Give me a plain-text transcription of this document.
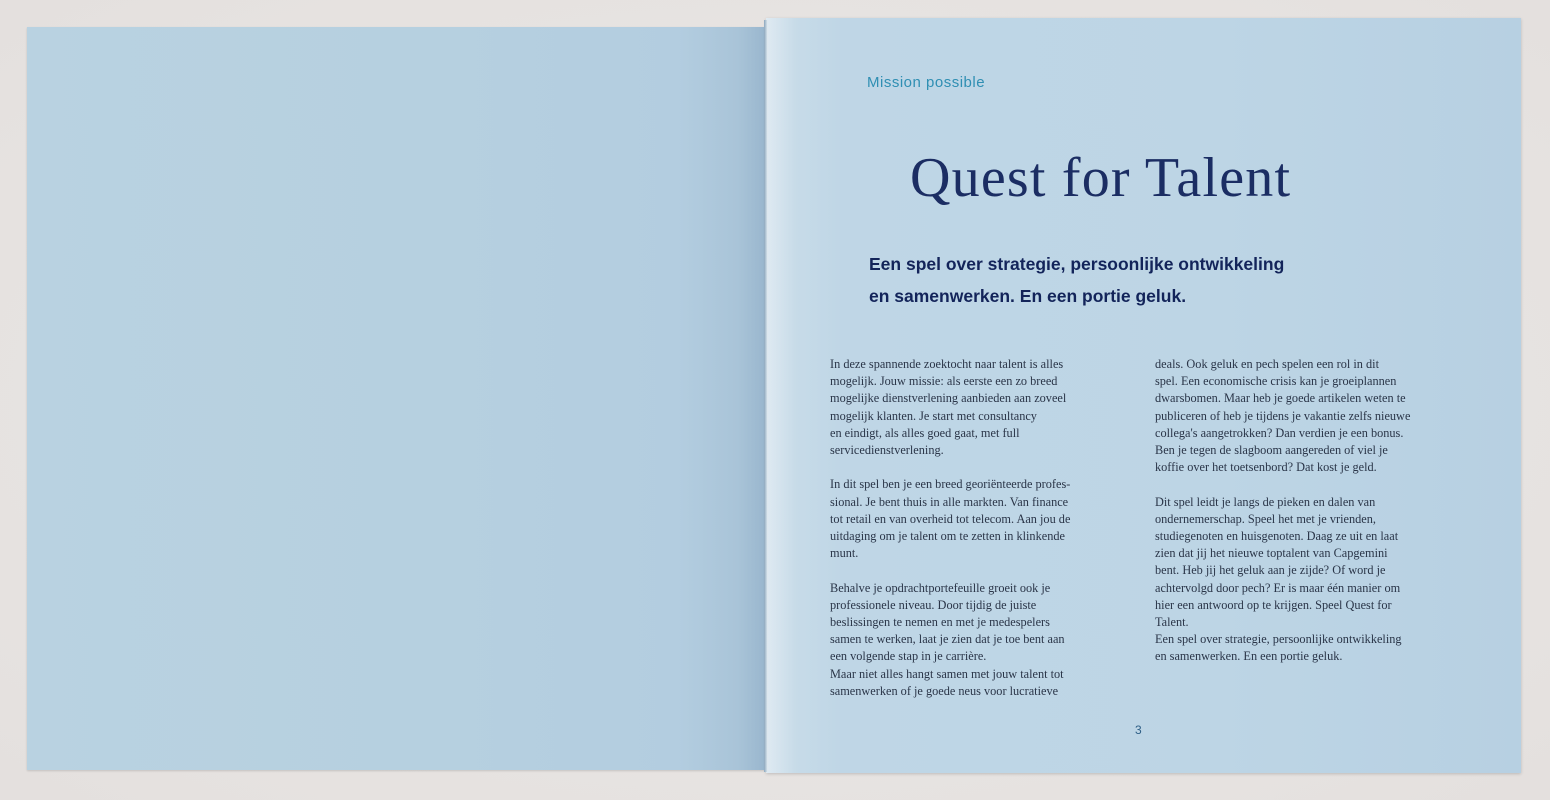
Mission possible
Quest for Talent
Een spel over strategie, persoonlijke ontwikkeling
en samenwerken. En een portie geluk.
In deze spannende zoektocht naar talent is alles
mogelijk. Jouw missie: als eerste een zo breed
mogelijke dienstverlening aanbieden aan zoveel
mogelijk klanten. Je start met consultancy
en eindigt, als alles goed gaat, met full
servicedienstverlening.
In dit spel ben je een breed georiënteerde profes-
sional. Je bent thuis in alle markten. Van finance
tot retail en van overheid tot telecom. Aan jou de
uitdaging om je talent om te zetten in klinkende
munt.
Behalve je opdrachtportefeuille groeit ook je
professionele niveau. Door tijdig de juiste
beslissingen te nemen en met je medespelers
samen te werken, laat je zien dat je toe bent aan
een volgende stap in je carrière.
Maar niet alles hangt samen met jouw talent tot
samenwerken of je goede neus voor lucratieve
deals. Ook geluk en pech spelen een rol in dit
spel. Een economische crisis kan je groeiplannen
dwarsbomen. Maar heb je goede artikelen weten te
publiceren of heb je tijdens je vakantie zelfs nieuwe
collega's aangetrokken? Dan verdien je een bonus.
Ben je tegen de slagboom aangereden of viel je
koffie over het toetsenbord? Dat kost je geld.
Dit spel leidt je langs de pieken en dalen van
ondernemerschap. Speel het met je vrienden,
studiegenoten en huisgenoten. Daag ze uit en laat
zien dat jij het nieuwe toptalent van Capgemini
bent. Heb jij het geluk aan je zijde? Of word je
achtervolgd door pech? Er is maar één manier om
hier een antwoord op te krijgen. Speel Quest for
Talent.
Een spel over strategie, persoonlijke ontwikkeling
en samenwerken. En een portie geluk.
3
